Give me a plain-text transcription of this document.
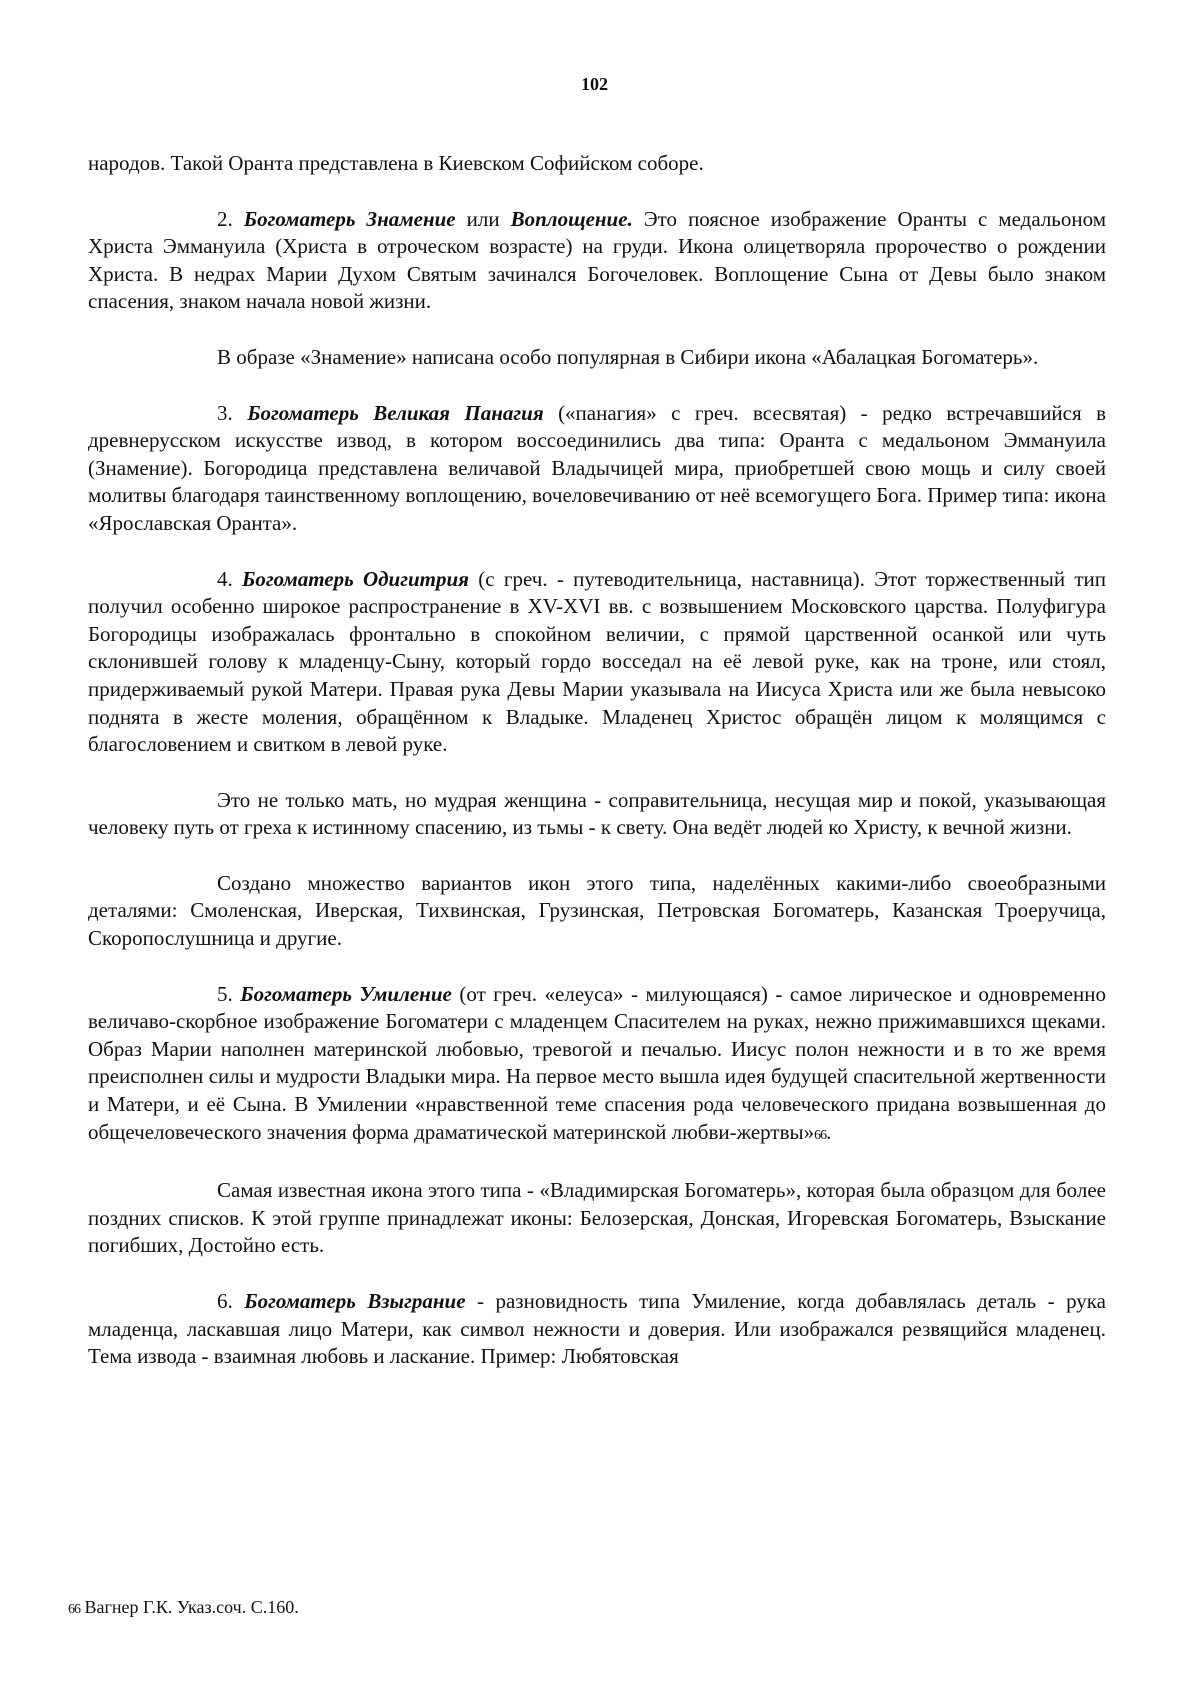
102

народов. Такой Оранта представлена в Киевском Софийском соборе.

2. Богоматерь Знамение или Воплощение. Это поясное изображение Оранты с медальоном Христа Эммануила (Христа в отроческом возрасте) на груди. Икона олицетворяла пророчество о рождении Христа. В недрах Марии Духом Святым зачинался Богочеловек. Воплощение Сына от Девы было знаком спасения, знаком начала новой жизни.

В образе «Знамение» написана особо популярная в Сибири икона «Абалацкая Богоматерь».

3. Богоматерь Великая Панагия («панагия» с греч. всесвятая) - редко встречавшийся в древнерусском искусстве извод, в котором воссоединились два типа: Оранта с медальоном Эммануила (Знамение). Богородица представлена величавой Владычицей мира, приобретшей свою мощь и силу своей молитвы благодаря таинственному воплощению, вочеловечиванию от неё всемогущего Бога. Пример типа: икона «Ярославская Оранта».

4. Богоматерь Одигитрия (с греч. - путеводительница, наставница). Этот торжественный тип получил особенно широкое распространение в XV-XVI вв. с возвышением Московского царства. Полуфигура Богородицы изображалась фронтально в спокойном величии, с прямой царственной осанкой или чуть склонившей голову к младенцу-Сыну, который гордо восседал на её левой руке, как на троне, или стоял, придерживаемый рукой Матери. Правая рука Девы Марии указывала на Иисуса Христа или же была невысоко поднята в жесте моления, обращённом к Владыке. Младенец Христос обращён лицом к молящимся с благословением и свитком в левой руке.

Это не только мать, но мудрая женщина - соправительница, несущая мир и покой, указывающая человеку путь от греха к истинному спасению, из тьмы - к свету. Она ведёт людей ко Христу, к вечной жизни.

Создано множество вариантов икон этого типа, наделённых какими-либо своеобразными деталями: Смоленская, Иверская, Тихвинская, Грузинская, Петровская Богоматерь, Казанская Троеручица, Скоропослушница и другие.

5. Богоматерь Умиление (от греч. «елеуса» - милующаяся) - самое лирическое и одновременно величаво-скорбное изображение Богоматери с младенцем Спасителем на руках, нежно прижимавшихся щеками. Образ Марии наполнен материнской любовью, тревогой и печалью. Иисус полон нежности и в то же время преисполнен силы и мудрости Владыки мира. На первое место вышла идея будущей спасительной жертвенности и Матери, и её Сына. В Умилении «нравственной теме спасения рода человеческого придана возвышенная до общечеловеческого значения форма драматической материнской любви-жертвы»66.

Самая известная икона этого типа - «Владимирская Богоматерь», которая была образцом для более поздних списков. К этой группе принадлежат иконы: Белозерская, Донская, Игоревская Богоматерь, Взыскание погибших, Достойно есть.

6. Богоматерь Взыграние - разновидность типа Умиление, когда добавлялась деталь - рука младенца, ласкавшая лицо Матери, как символ нежности и доверия. Или изображался резвящийся младенец. Тема извода - взаимная любовь и ласкание. Пример: Любятовская

66 Вагнер Г.К. Указ.соч. С.160.
